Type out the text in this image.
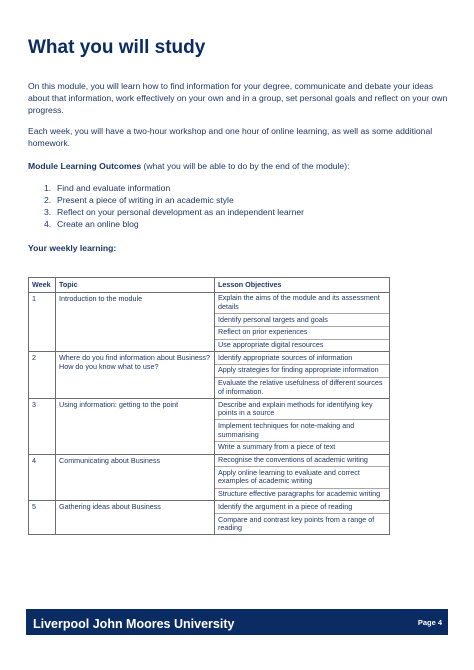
What you will study

On this module, you will learn how to find information for your degree, communicate and debate your ideas about that information, work effectively on your own and in a group, set personal goals and reflect on your own progress.

Each week, you will have a two-hour workshop and one hour of online learning, as well as some additional homework.

Module Learning Outcomes (what you will be able to do by the end of the module):

1. Find and evaluate information
2. Present a piece of writing in an academic style
3. Reflect on your personal development as an independent learner
4. Create an online blog

Your weekly learning:

Week	Topic	Lesson Objectives
1	Introduction to the module	Explain the aims of the module and its assessment details
Identify personal targets and goals
Reflect on prior experiences
Use appropriate digital resources

2	Where do you find information about Business? How do you know what to use?	Identify appropriate sources of information
Apply strategies for finding appropriate information
Evaluate the relative usefulness of different sources of information.

3	Using information: getting to the point	Describe and explain methods for identifying key points in a source
Implement techniques for note-making and summarising
Write a summary from a piece of text

4	Communicating about Business	Recognise the conventions of academic writing
Apply online learning to evaluate and correct examples of academic writing
Structure effective paragraphs for academic writing

5	Gathering ideas about Business	Identify the argument in a piece of reading
Compare and contrast key points from a range of reading
Liverpool John Moores University	Page 4
